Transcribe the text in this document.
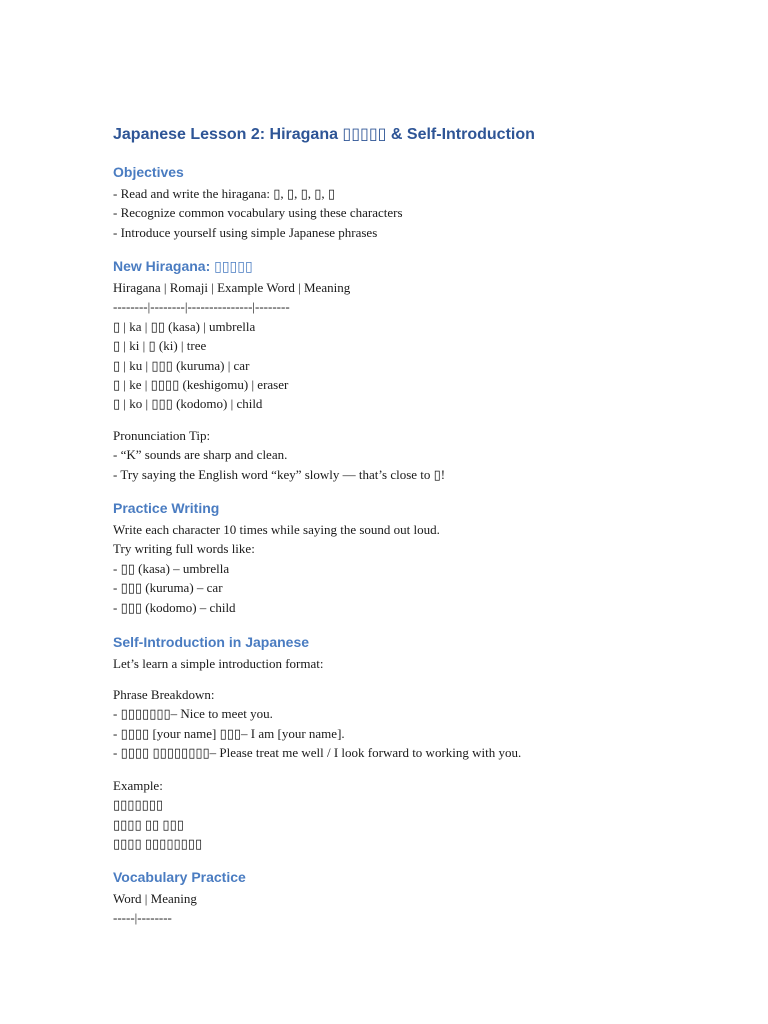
Japanese Lesson 2: Hiragana ▯▯▯▯▯ & Self-Introduction
Objectives
- Read and write the hiragana: ▯, ▯, ▯, ▯, ▯
- Recognize common vocabulary using these characters
- Introduce yourself using simple Japanese phrases
New Hiragana: ▯▯▯▯▯
Hiragana | Romaji | Example Word | Meaning
--------|--------|---------------|--------
▯ | ka | ▯▯ (kasa) | umbrella
▯ | ki | ▯ (ki) | tree
▯ | ku | ▯▯▯ (kuruma) | car
▯ | ke | ▯▯▯▯ (keshigomu) | eraser
▯ | ko | ▯▯▯ (kodomo) | child
Pronunciation Tip:
- “K” sounds are sharp and clean.
- Try saying the English word “key” slowly — that’s close to ▯!
Practice Writing
Write each character 10 times while saying the sound out loud.
Try writing full words like:
- ▯▯ (kasa) – umbrella
- ▯▯▯ (kuruma) – car
- ▯▯▯ (kodomo) – child
Self-Introduction in Japanese
Let’s learn a simple introduction format:
Phrase Breakdown:
- ▯▯▯▯▯▯▯– Nice to meet you.
- ▯▯▯▯ [your name] ▯▯▯– I am [your name].
- ▯▯▯▯ ▯▯▯▯▯▯▯▯– Please treat me well / I look forward to working with you.
Example:
▯▯▯▯▯▯▯
▯▯▯▯ ▯▯ ▯▯▯
▯▯▯▯ ▯▯▯▯▯▯▯▯
Vocabulary Practice
Word | Meaning
-----|--------
